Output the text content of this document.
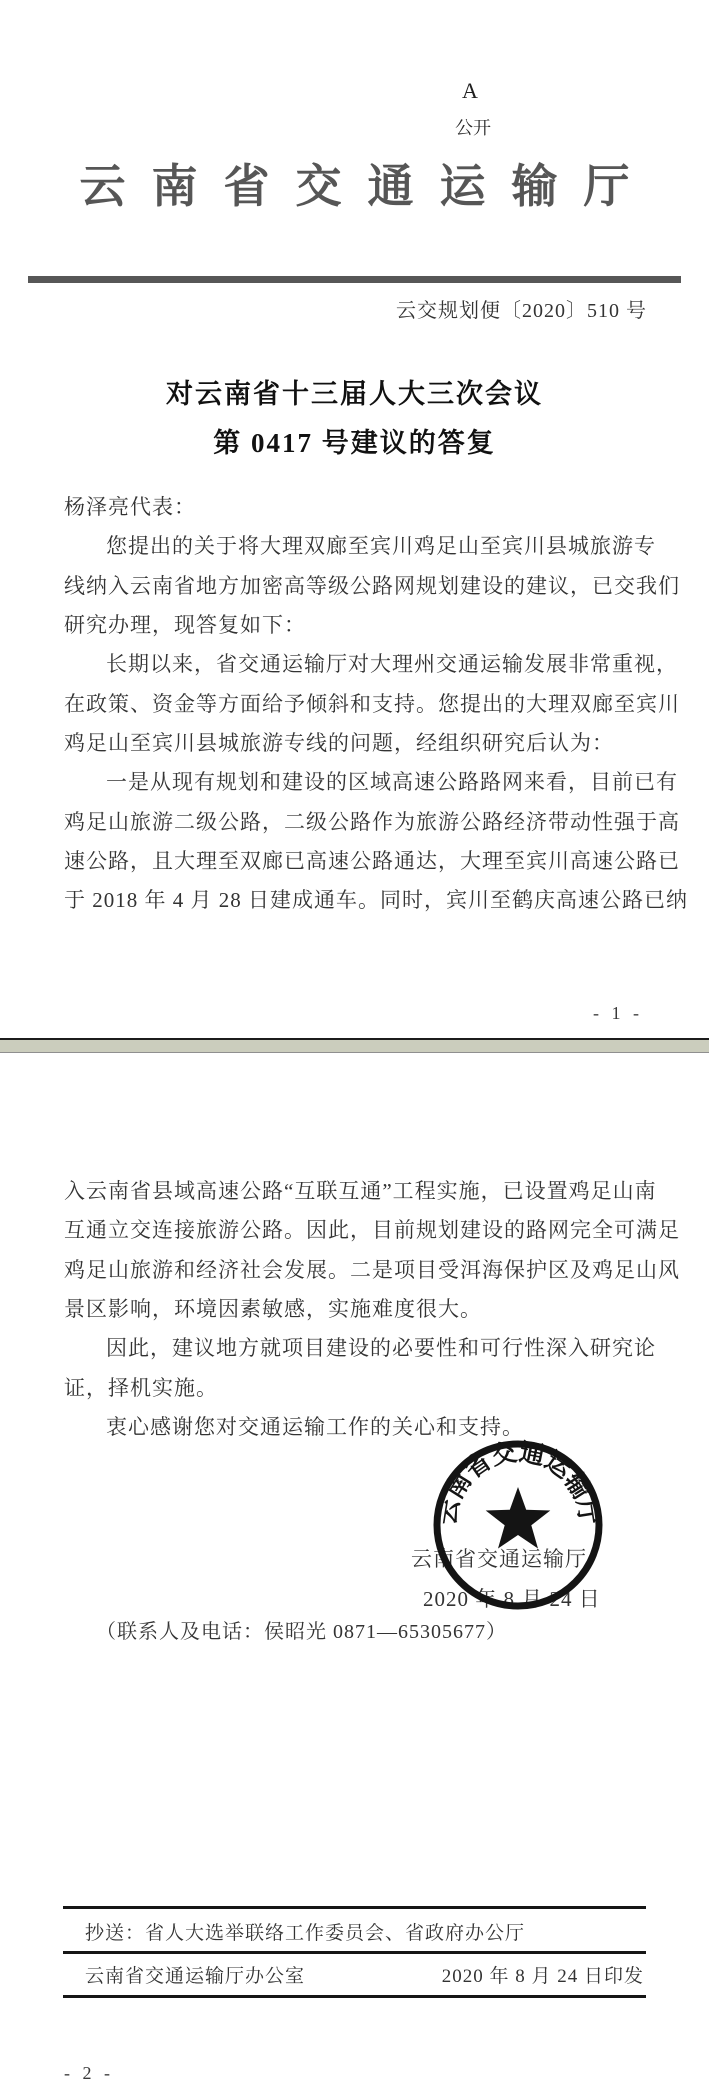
A
公开
云南省交通运输厅
云交规划便〔2020〕510 号
对云南省十三届人大三次会议
第 0417 号建议的答复
杨泽亮代表：
您提出的关于将大理双廊至宾川鸡足山至宾川县城旅游专
线纳入云南省地方加密高等级公路网规划建设的建议，已交我们
研究办理，现答复如下：
长期以来，省交通运输厅对大理州交通运输发展非常重视，
在政策、资金等方面给予倾斜和支持。您提出的大理双廊至宾川
鸡足山至宾川县城旅游专线的问题，经组织研究后认为：
一是从现有规划和建设的区域高速公路路网来看，目前已有
鸡足山旅游二级公路，二级公路作为旅游公路经济带动性强于高
速公路，且大理至双廊已高速公路通达，大理至宾川高速公路已
于 2018 年 4 月 28 日建成通车。同时，宾川至鹤庆高速公路已纳
- 1 -
入云南省县域高速公路“互联互通”工程实施，已设置鸡足山南
互通立交连接旅游公路。因此，目前规划建设的路网完全可满足
鸡足山旅游和经济社会发展。二是项目受洱海保护区及鸡足山风
景区影响，环境因素敏感，实施难度很大。
因此，建议地方就项目建设的必要性和可行性深入研究论
证，择机实施。
衷心感谢您对交通运输工作的关心和支持。
云南省交通运输厅
2020 年 8 月 24 日
云南省交通运输厅
（联系人及电话：侯昭光 0871—65305677）
抄送：省人大选举联络工作委员会、省政府办公厅
云南省交通运输厅办公室	2020 年 8 月 24 日印发
- 2 -
